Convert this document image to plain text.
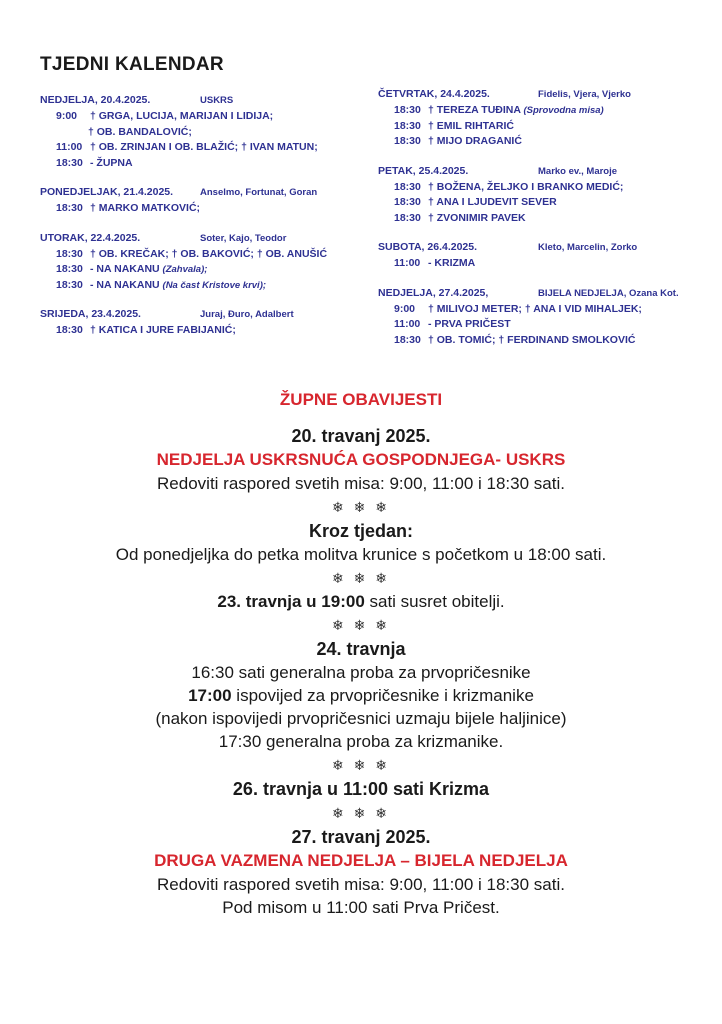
TJEDNI KALENDAR
NEDJELJA, 20.4.2025.	USKRS
9:00 † GRGA, LUCIJA, MARIJAN I LIDIJA;
† OB. BANDALOVIĆ;
11:00 † OB. ZRINJAN I OB. BLAŽIĆ; † IVAN MATUN;
18:30 - ŽUPNA
PONEDJELJAK, 21.4.2025.	Anselmo, Fortunat, Goran
18:30 † MARKO MATKOVIĆ;
UTORAK, 22.4.2025.	Soter, Kajo, Teodor
18:30 † OB. KREČAK; † OB. BAKOVIĆ; † OB. ANUŠIĆ
18:30 - NA NAKANU (Zahvala);
18:30 - NA NAKANU (Na čast Kristove krvi);
SRIJEDA, 23.4.2025.	Juraj, Đuro, Adalbert
18:30 † KATICA I JURE FABIJANIĆ;
ČETVRTAK, 24.4.2025.	Fidelis, Vjera, Vjerko
18:30 † TEREZA TUĐINA (Sprovodna misa)
18:30 † EMIL RIHTARIĆ
18:30 † MIJO DRAGANIĆ
PETAK, 25.4.2025.	Marko ev., Maroje
18:30 † BOŽENA, ŽELJKO I BRANKO MEDIĆ;
18:30 † ANA I LJUDEVIT SEVER
18:30 † ZVONIMIR PAVEK
SUBOTA, 26.4.2025.	Kleto, Marcelin, Zorko
11:00 - KRIZMA
NEDJELJA, 27.4.2025,	BIJELA NEDJELJA, Ozana Kot.
9:00 † MILIVOJ METER; † ANA I VID MIHALJEK;
11:00 - PRVA PRIČEST
18:30 † OB. TOMIĆ; † FERDINAND SMOLKOVIĆ
ŽUPNE OBAVIJESTI
20. travanj 2025.
NEDJELJA USKRSNUĆA GOSPODNJEGA- USKRS
Redoviti raspored svetih misa: 9:00, 11:00 i 18:30 sati.
❄ ❄ ❄
Kroz tjedan:
Od ponedjeljka do petka molitva krunice s početkom u 18:00 sati.
❄ ❄ ❄
23. travnja u 19:00 sati susret obitelji.
❄ ❄ ❄
24. travnja
16:30 sati generalna proba za prvopričesnike
17:00 ispovijed za prvopričesnike i krizmanike
(nakon ispovijedi prvopričesnici uzmaju bijele haljinice)
17:30 generalna proba za krizmanike.
❄ ❄ ❄
26. travnja u 11:00 sati Krizma
❄ ❄ ❄
27. travanj 2025.
DRUGA VAZMENA NEDJELJA – BIJELA NEDJELJA
Redoviti raspored svetih misa: 9:00, 11:00 i 18:30 sati.
Pod misom u 11:00 sati Prva Pričest.
